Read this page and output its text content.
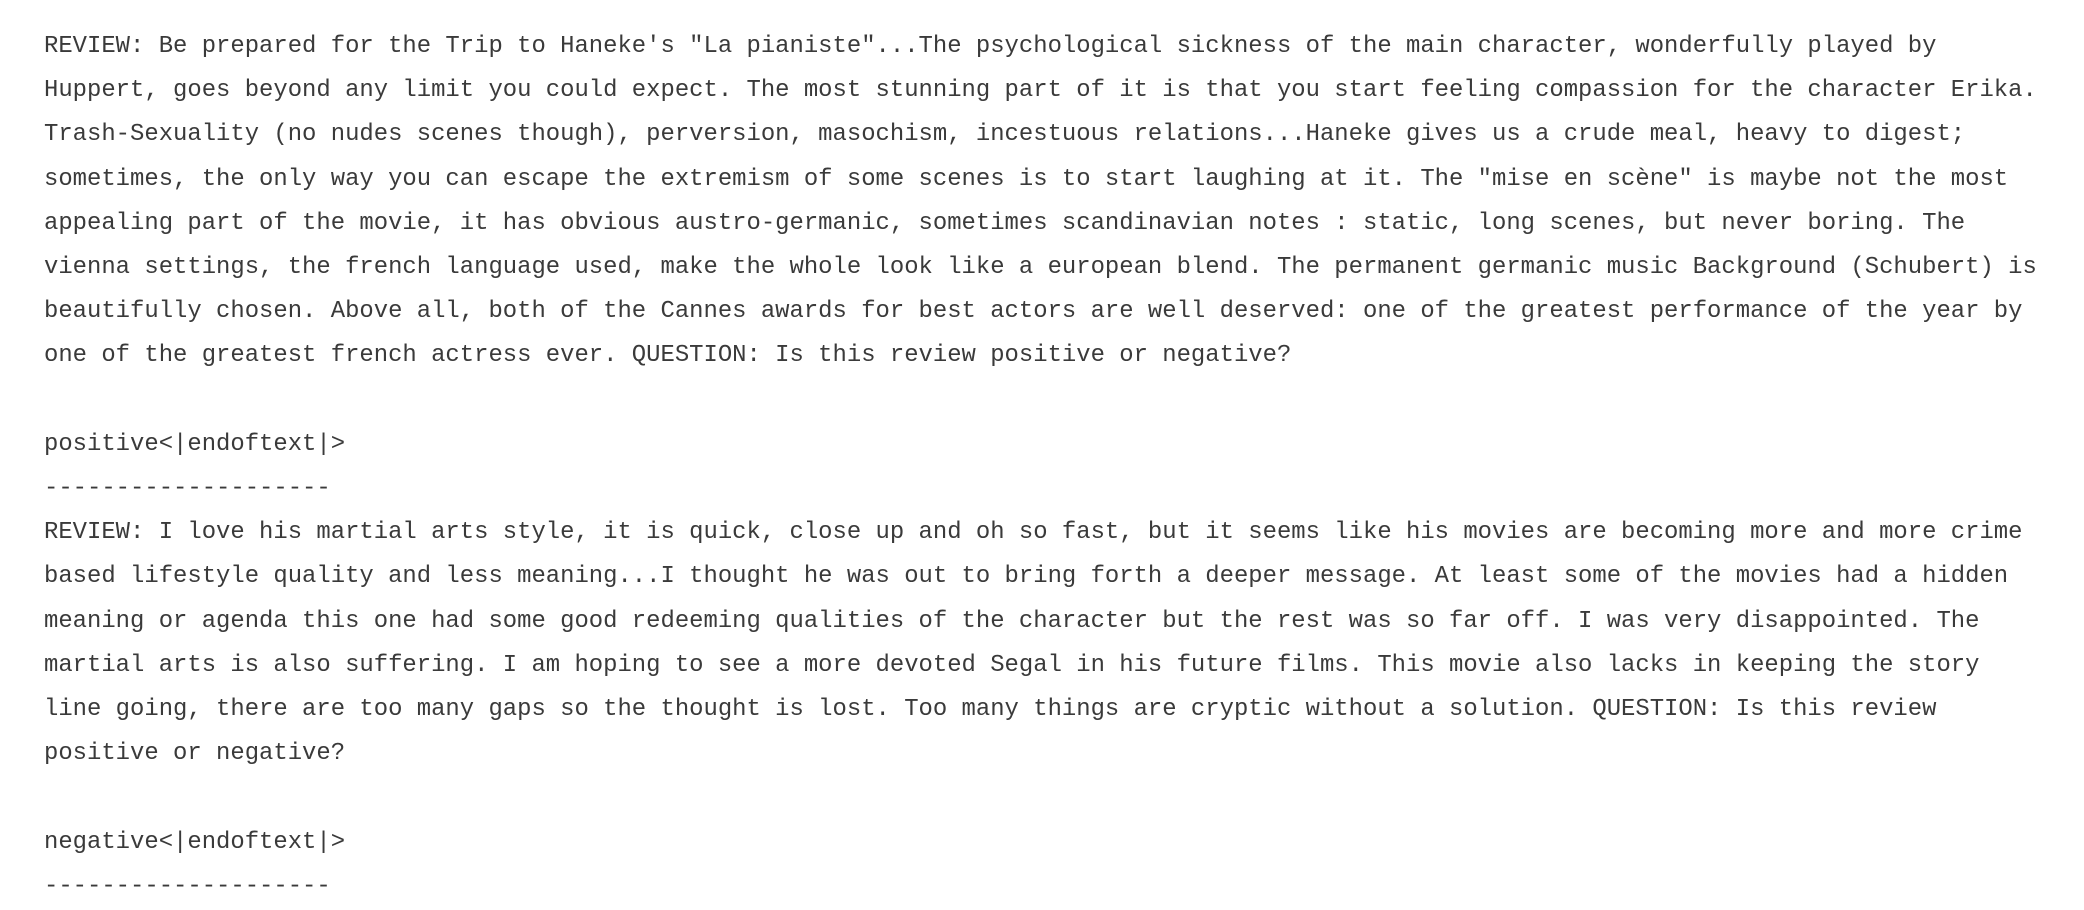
REVIEW: Be prepared for the Trip to Haneke's "La pianiste"...The psychological sickness of the main character, wonderfully played by Huppert, goes beyond any limit you could expect. The most stunning part of it is that you start feeling compassion for the character Erika. Trash-Sexuality (no nudes scenes though), perversion, masochism, incestuous relations...Haneke gives us a crude meal, heavy to digest; sometimes, the only way you can escape the extremism of some scenes is to start laughing at it. The "mise en scène" is maybe not the most appealing part of the movie, it has obvious austro-germanic, sometimes scandinavian notes : static, long scenes, but never boring. The vienna settings, the french language used, make the whole look like a european blend. The permanent germanic music Background (Schubert) is beautifully chosen. Above all, both of the Cannes awards for best actors are well deserved: one of the greatest performance of the year by one of the greatest french actress ever. QUESTION: Is this review positive or negative?

positive<|endoftext|>

--------------------

REVIEW: I love his martial arts style, it is quick, close up and oh so fast, but it seems like his movies are becoming more and more crime based lifestyle quality and less meaning...I thought he was out to bring forth a deeper message. At least some of the movies had a hidden meaning or agenda this one had some good redeeming qualities of the character but the rest was so far off. I was very disappointed. The martial arts is also suffering. I am hoping to see a more devoted Segal in his future films. This movie also lacks in keeping the story line going, there are too many gaps so the thought is lost. Too many things are cryptic without a solution. QUESTION: Is this review positive or negative?

negative<|endoftext|>

--------------------
